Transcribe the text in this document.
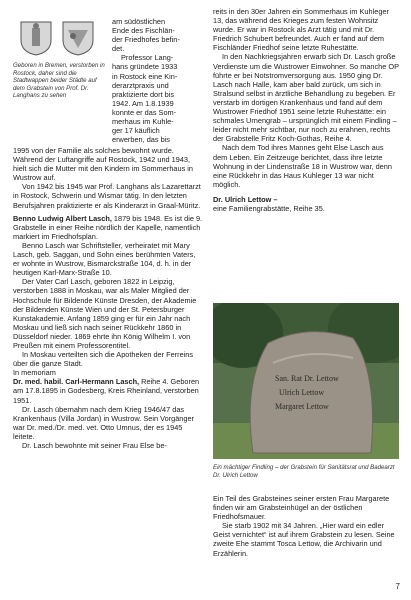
Geboren in Bremen, verstorben in Rostock, daher sind die Stadtwappen beider Städte auf dem Grabstein von Prof. Dr. Langhans zu sehen

am südöstlichen

Ende des Fischlän-

der Friedhofes befin-

det.

Professor Lang-

hans gründete 1933

in Rostock eine Kin-

derarztpraxis und

praktizierte dort bis

1942. Am 1.8.1939

konnte er das Som-

merhaus im Kuhle-

ger 17 käuflich

erwerben, das bis

1995 von der Familie als solches bewohnt wurde. Während der Luftangriffe auf Rostock, 1942 und 1943, hielt sich die Mutter mit den Kindern im Sommerhaus in Wustrow auf.

Von 1942 bis 1945 war Prof. Langhans als Lazarettarzt in Rostock, Schwerin und Wismar tätig. In den letzten Berufsjahren praktizierte er als Kinderarzt in Graal-Müritz.

Benno Ludwig Albert Lasch, 1879 bis 1948. Es ist die 9. Grabstelle in einer Reihe nördlich der Kapelle, namentlich markiert im Friedhofsplan.

Benno Lasch war Schriftsteller, verheiratet mit Mary Lasch, geb. Saggan, und Sohn eines berühmten Vaters, er wohnte in Wustrow, Bismarckstraße 104, d. h. in der heutigen Karl-Marx-Straße 10.

Der Vater Carl Lasch, geboren 1822 in Leipzig, verstorben 1888 in Moskau, war als Maler Mitglied der Hochschule für Bildende Künste Dresden, der Akademie der Bildenden Künste Wien und der St. Petersburger Kunstakademie. Anfang 1859 ging er für ein Jahr nach Moskau und ließ sich nach seiner Rückkehr 1860 in Düsseldorf nieder. 1869 ehrte ihn König Wilhelm I. von Preußen mit einem Professorentitel.

In Moskau verteilten sich die Apotheken der Ferreins über die ganze Stadt.

In memoriam

Dr. med. habil. Carl-Hermann Lasch, Reihe 4. Geboren am 17.8.1895 in Godesberg, Kreis Rheinland, verstorben 1951.

Dr. Lasch übernahm nach dem Krieg 1946/47 das Krankenhaus (Villa Jordan) in Wustrow. Sein Vorgänger war Dr. med./Dr. med. vet. Otto Umnus, der es 1945 leitete.

Dr. Lasch bewohnte mit seiner Frau Else be-

reits in den 30er Jahren ein Sommerhaus im Kuhleger 13, das während des Krieges zum festen Wohnsitz wurde. Er war in Rostock als Arzt tätig und mit Dr. Friedrich Schubert befreundet. Auch er fand auf dem Fischländer Friedhof seine letzte Ruhestätte.

In den Nachkriegsjahren erwarb sich Dr. Lasch große Verdienste um die Wustrower Einwohner. So manche OP führte er bei Notstromversorgung aus. 1950 ging Dr. Lasch nach Halle, kam aber bald zurück, um sich in Stralsund selbst in ärztliche Behandlung zu begeben. Er verstarb im dortigen Krankenhaus und fand auf dem Wustrower Friedhof 1951 seine letzte Ruhestätte: ein schmales Urnengrab – ursprünglich mit einem Findling – leider nicht mehr sichtbar, nur noch zu erahnen, rechts der Grabstelle Fritz Koch-Gothas, Reihe 4.

Nach dem Tod ihres Mannes geht Else Lasch aus dem Leben. Ein Zeitzeuge berichtet, dass ihre letzte Wohnung in der Lindenstraße 18 in Wustrow war, denn eine Rückkehr in das Haus Kuhleger 13 war nicht möglich.

Dr. Ulrich Lettow –

eine Familiengrabstätte, Reihe 35.

San. Rat Dr. Lettow
Ulrich Lettow
Margaret Lettow
Ein mächtiger Findling – der Grabstein für Sanitätsrat und Badearzt Dr. Ulrich Lettow

Ein Teil des Grabsteines seiner ersten Frau Margarete finden wir am Grabsteinhügel an der östlichen Friedhofsmauer.

Sie starb 1902 mit 34 Jahren. „Hier ward ein edler Geist vernichtet“ ist auf ihrem Grabstein zu lesen. Seine zweite Ehe stammt Tosca Lettow, die Archivarin und Erzählerin.

7
